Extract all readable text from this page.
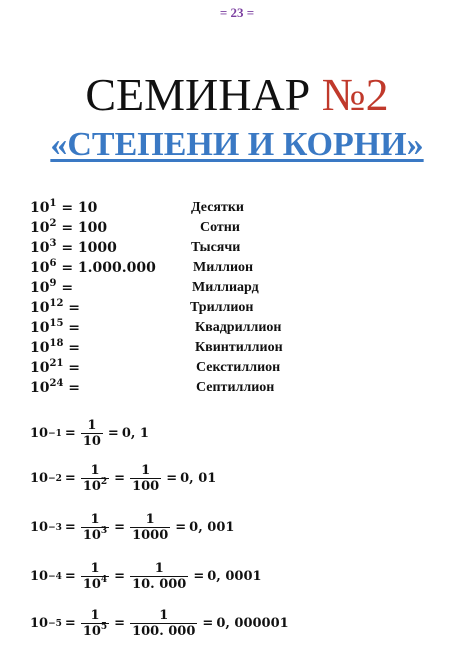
= 23 =
СЕМИНАР №2
«СТЕПЕНИ И КОРНИ»
$10^1 = 10$	Десятки
$10^2 = 100$	Сотни
$10^3 = 1000$	Тысячи
$10^6 = 1.000.000$	Миллион
$10^9$ =	Миллиард
$10^{12}$ =	Триллион
$10^{15}$ =	Квадриллион
$10^{18}$ =	Квинтиллион
$10^{21}$ =	Секстиллион
$10^{24}$ =	Септиллион
$10 -1 = \frac{1}{10} = 0$, 1
$10 -2 = \frac{1}{10^2} = \frac{1}{100} = 0$, 01
$10 -3 = \frac{1}{10^3} = \frac{1}{1000} = 0$, 001
$10 -4 = \frac{1}{10^4} = \frac{1}{10. 000} = 0$, 0001
$10 -5 = \frac{1}{10^5} = \frac{1}{100. 000} = 0$, 000001
